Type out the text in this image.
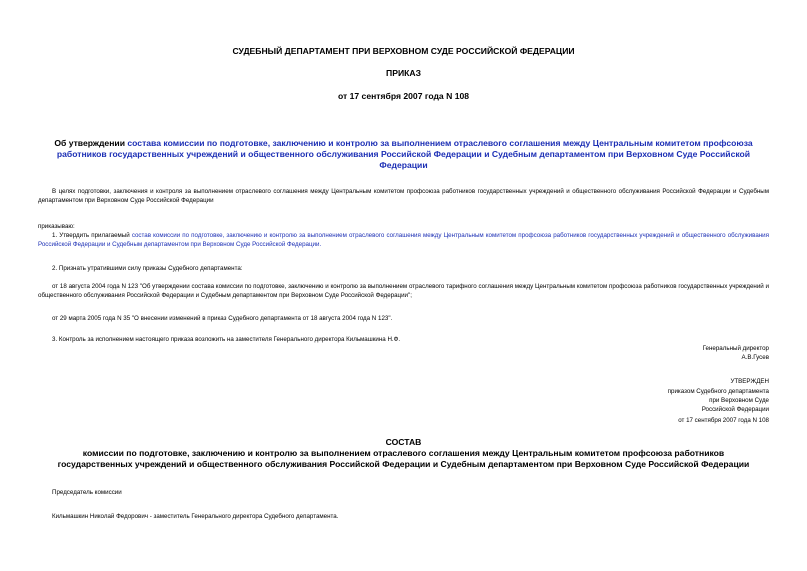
СУДЕБНЫЙ ДЕПАРТАМЕНТ ПРИ ВЕРХОВНОМ СУДЕ РОССИЙСКОЙ ФЕДЕРАЦИИ
ПРИКАЗ
от 17 сентября 2007 года N 108
Об утверждении состава комиссии по подготовке, заключению и контролю за выполнением отраслевого соглашения между Центральным комитетом профсоюза работников государственных учреждений и общественного обслуживания Российской Федерации и Судебным департаментом при Верховном Суде Российской Федерации
В целях подготовки, заключения и контроля за выполнением отраслевого соглашения между Центральным комитетом профсоюза работников государственных учреждений и общественного обслуживания Российской Федерации и Судебным департаментом при Верховном Суде Российской Федерации
приказываю:
1. Утвердить прилагаемый состав комиссии по подготовке, заключению и контролю за выполнением отраслевого соглашения между Центральным комитетом профсоюза работников государственных учреждений и общественного обслуживания Российской Федерации и Судебным департаментом при Верховном Суде Российской Федерации.
2. Признать утратившими силу приказы Судебного департамента:
от 18 августа 2004 года N 123 "Об утверждении состава комиссии по подготовке, заключению и контролю за выполнением отраслевого тарифного соглашения между Центральным комитетом профсоюза работников государственных учреждений и общественного обслуживания Российской Федерации и Судебным департаментом при Верховном Суде Российской Федерации";
от 29 марта 2005 года N 35 "О внесении изменений в приказ Судебного департамента от 18 августа 2004 года N 123".
3. Контроль за исполнением настоящего приказа возложить на заместителя Генерального директора Кильмашкина Н.Ф.
Генеральный директор
А.В.Гусев
УТВЕРЖДЕН
приказом Судебного департамента
при Верховном Суде
Российской Федерации
от 17 сентября 2007 года N 108
СОСТАВ
комиссии по подготовке, заключению и контролю за выполнением отраслевого соглашения между Центральным комитетом профсоюза работников
государственных учреждений и общественного обслуживания Российской Федерации и Судебным департаментом при Верховном Суде Российской Федерации
Председатель комиссии
Кильмашкин Николай Федорович - заместитель Генерального директора Судебного департамента.
